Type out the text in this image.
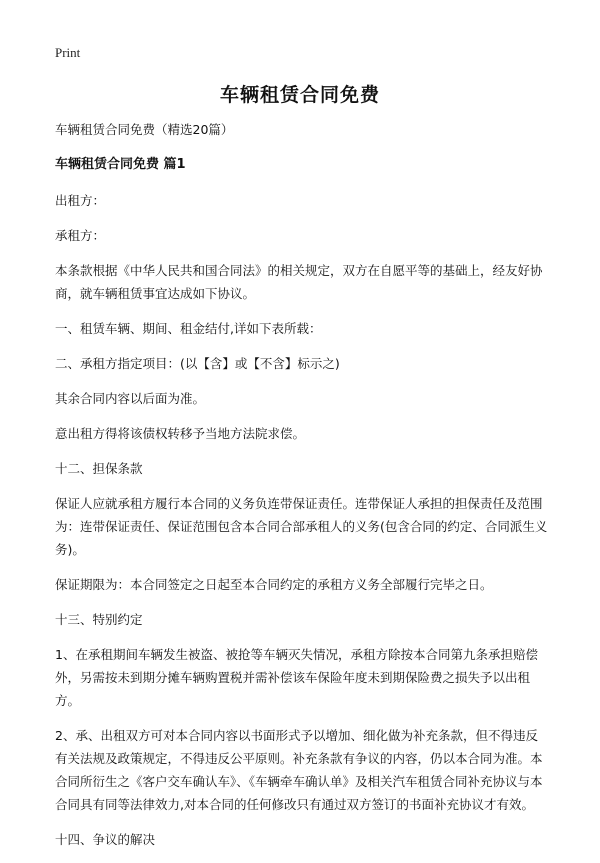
Print
车辆租赁合同免费

车辆租赁合同免费（精选20篇）

车辆租赁合同免费 篇1

出租方：

承租方：

本条款根据《中华人民共和国合同法》的相关规定，双方在自愿平等的基础上，经友好协商，就车辆租赁事宜达成如下协议。

一、租赁车辆、期间、租金结付,详如下表所载：

二、承租方指定项目：(以【含】或【不含】标示之)

其余合同内容以后面为准。

意出租方得将该债权转移予当地方法院求偿。

十二、担保条款

保证人应就承租方履行本合同的义务负连带保证责任。连带保证人承担的担保责任及范围为：连带保证责任、保证范围包含本合同合部承租人的义务(包含合同的约定、合同派生义务)。

保证期限为：本合同签定之日起至本合同约定的承租方义务全部履行完毕之日。

十三、特别约定

1、在承租期间车辆发生被盗、被抢等车辆灭失情况，承租方除按本合同第九条承担赔偿外，另需按未到期分摊车辆购置税并需补偿该车保险年度未到期保险费之损失予以出租方。

2、承、出租双方可对本合同内容以书面形式予以增加、细化做为补充条款，但不得违反有关法规及政策规定，不得违反公平原则。补充条款有争议的内容，仍以本合同为准。本合同所衍生之《客户交车确认车》、《车辆牵车确认单》及相关汽车租赁合同补充协议与本合同具有同等法律效力,对本合同的任何修改只有通过双方签订的书面补充协议才有效。

十四、争议的解决
